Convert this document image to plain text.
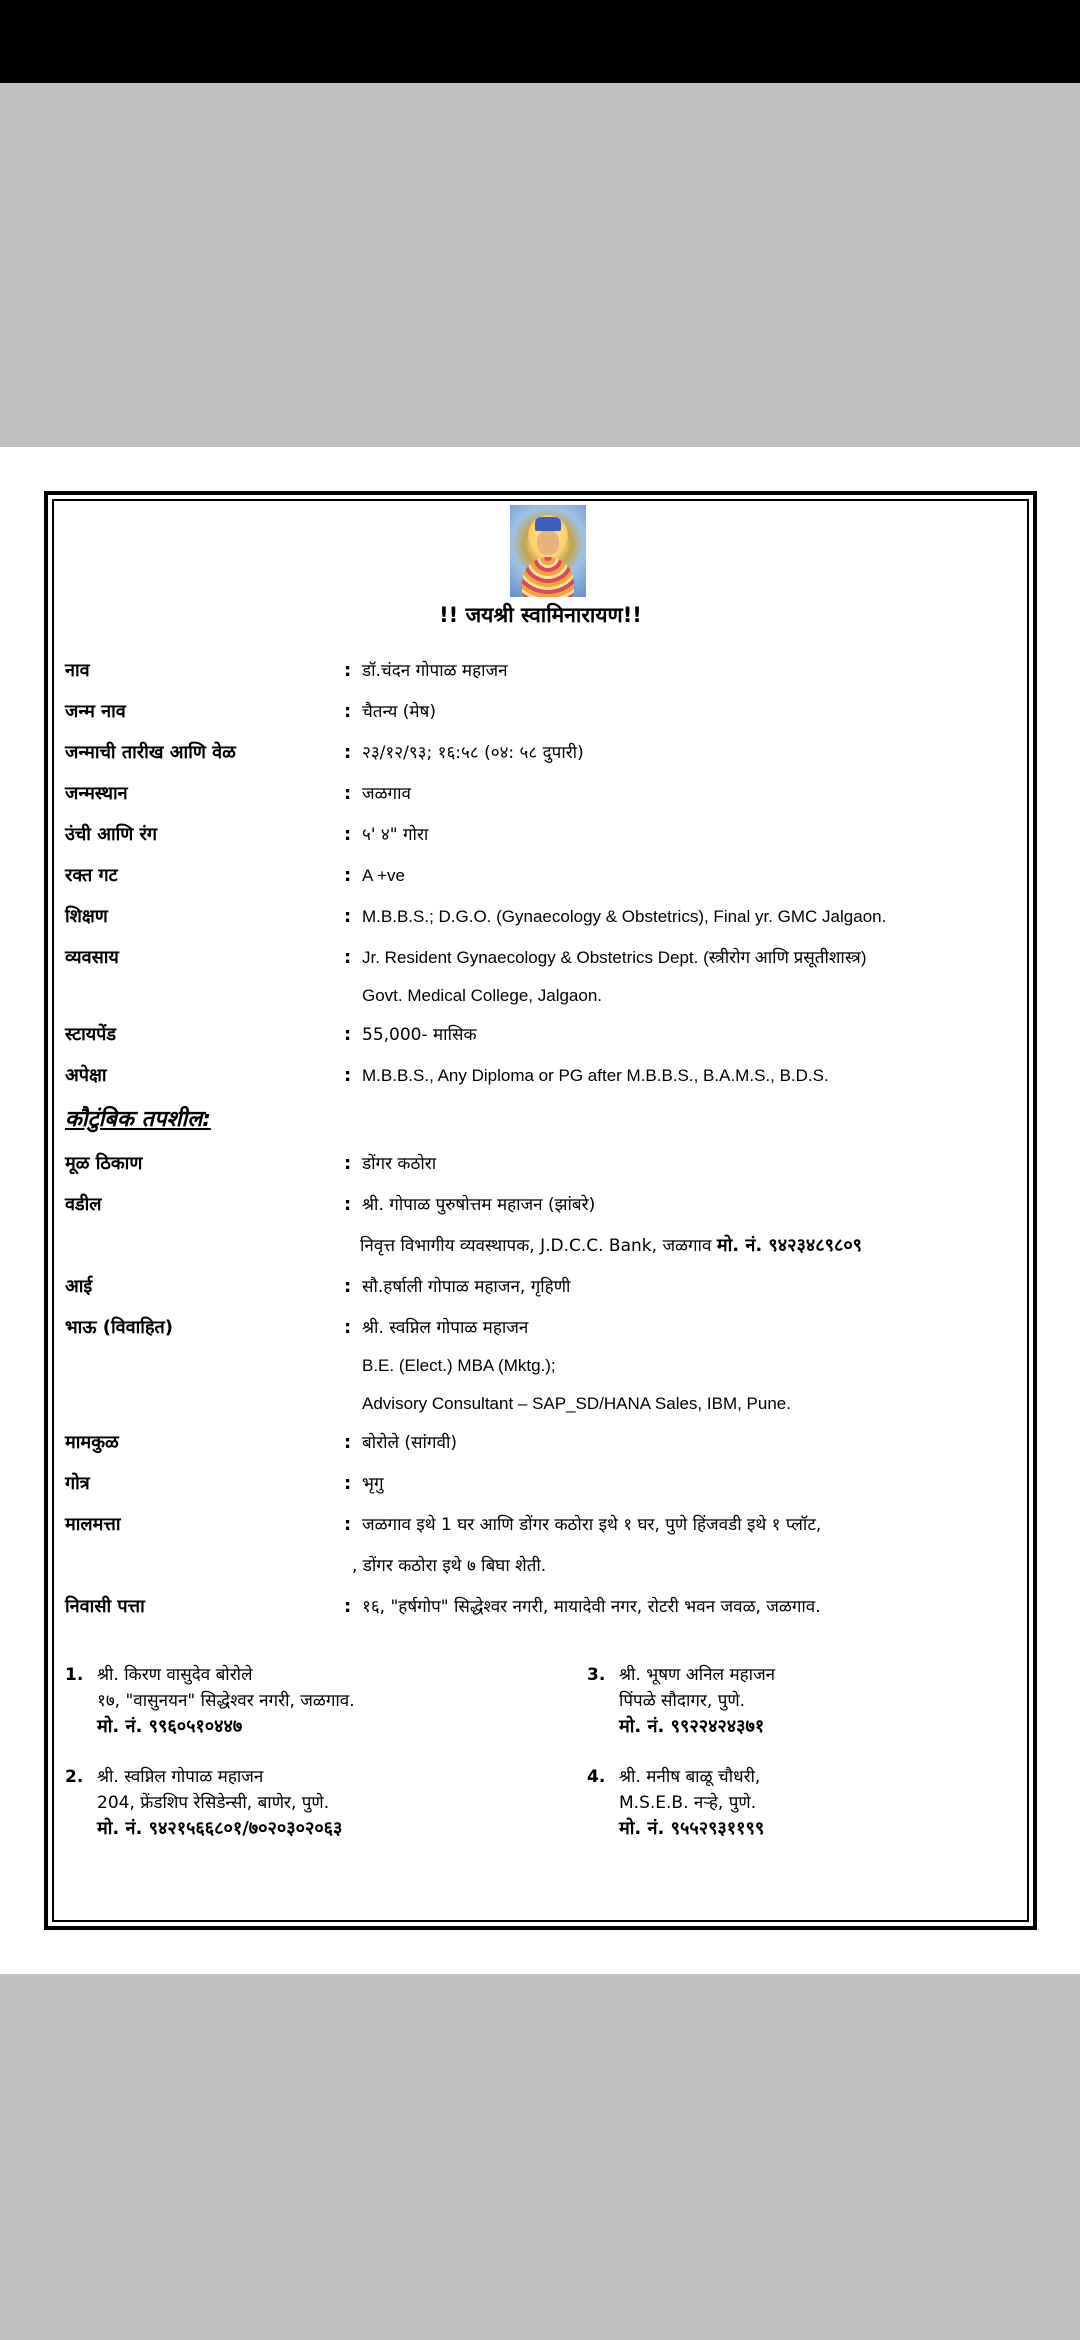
!! जयश्री स्वामिनारायण!!
नाव	: डॉ.चंदन गोपाळ महाजन
जन्म नाव	: चैतन्य (मेष)
जन्माची तारीख आणि वेळ	: २३/१२/९३; १६:५८ (०४: ५८ दुपारी)
जन्मस्थान	: जळगाव
उंची आणि रंग	: ५' ४" गोरा
रक्त गट	: A +ve
शिक्षण	: M.B.B.S.; D.G.O. (Gynaecology & Obstetrics), Final yr. GMC Jalgaon.
व्यवसाय	: Jr. Resident Gynaecology & Obstetrics Dept. (स्त्रीरोग आणि प्रसूतीशास्त्र)
Govt. Medical College, Jalgaon.
स्टायपेंड	: 55,000- मासिक
अपेक्षा	: M.B.B.S., Any Diploma or PG after M.B.B.S., B.A.M.S., B.D.S.
कौटुंबिक तपशील:
मूळ ठिकाण	: डोंगर कठोरा
वडील	: श्री. गोपाळ पुरुषोत्तम महाजन (झांबरे)
निवृत्त विभागीय व्यवस्थापक, J.D.C.C. Bank, जळगाव मो. नं. ९४२३४८९८०९
आई	: सौ.हर्षाली गोपाळ महाजन, गृहिणी
भाऊ (विवाहित)	: श्री. स्वप्निल गोपाळ महाजन
B.E. (Elect.) MBA (Mktg.);
Advisory Consultant – SAP_SD/HANA Sales, IBM, Pune.
मामकुळ	: बोरोले (सांगवी)
गोत्र	: भृगु
मालमत्ता	: जळगाव इथे 1 घर आणि डोंगर कठोरा इथे १ घर, पुणे हिंजवडी इथे १ प्लॉट,
, डोंगर कठोरा इथे ७ बिघा शेती.
निवासी पत्ता	: १६, "हर्षगोप" सिद्धेश्वर नगरी, मायादेवी नगर, रोटरी भवन जवळ, जळगाव.
1. श्री. किरण वासुदेव बोरोले
१७, "वासुनयन" सिद्धेश्वर नगरी, जळगाव.
मो. नं. ९९६०५१०४४७
2. श्री. स्वप्निल गोपाळ महाजन
204, फ्रेंडशिप रेसिडेन्सी, बाणेर, पुणे.
मो. नं. ९४२१५६६८०१/७०२०३०२०६३
3. श्री. भूषण अनिल महाजन
पिंपळे सौदागर, पुणे.
मो. नं. ९९२२४२४३७१
4. श्री. मनीष बाळू चौधरी,
M.S.E.B. नऱ्हे, पुणे.
मो. नं. ९५५२९३११९९
